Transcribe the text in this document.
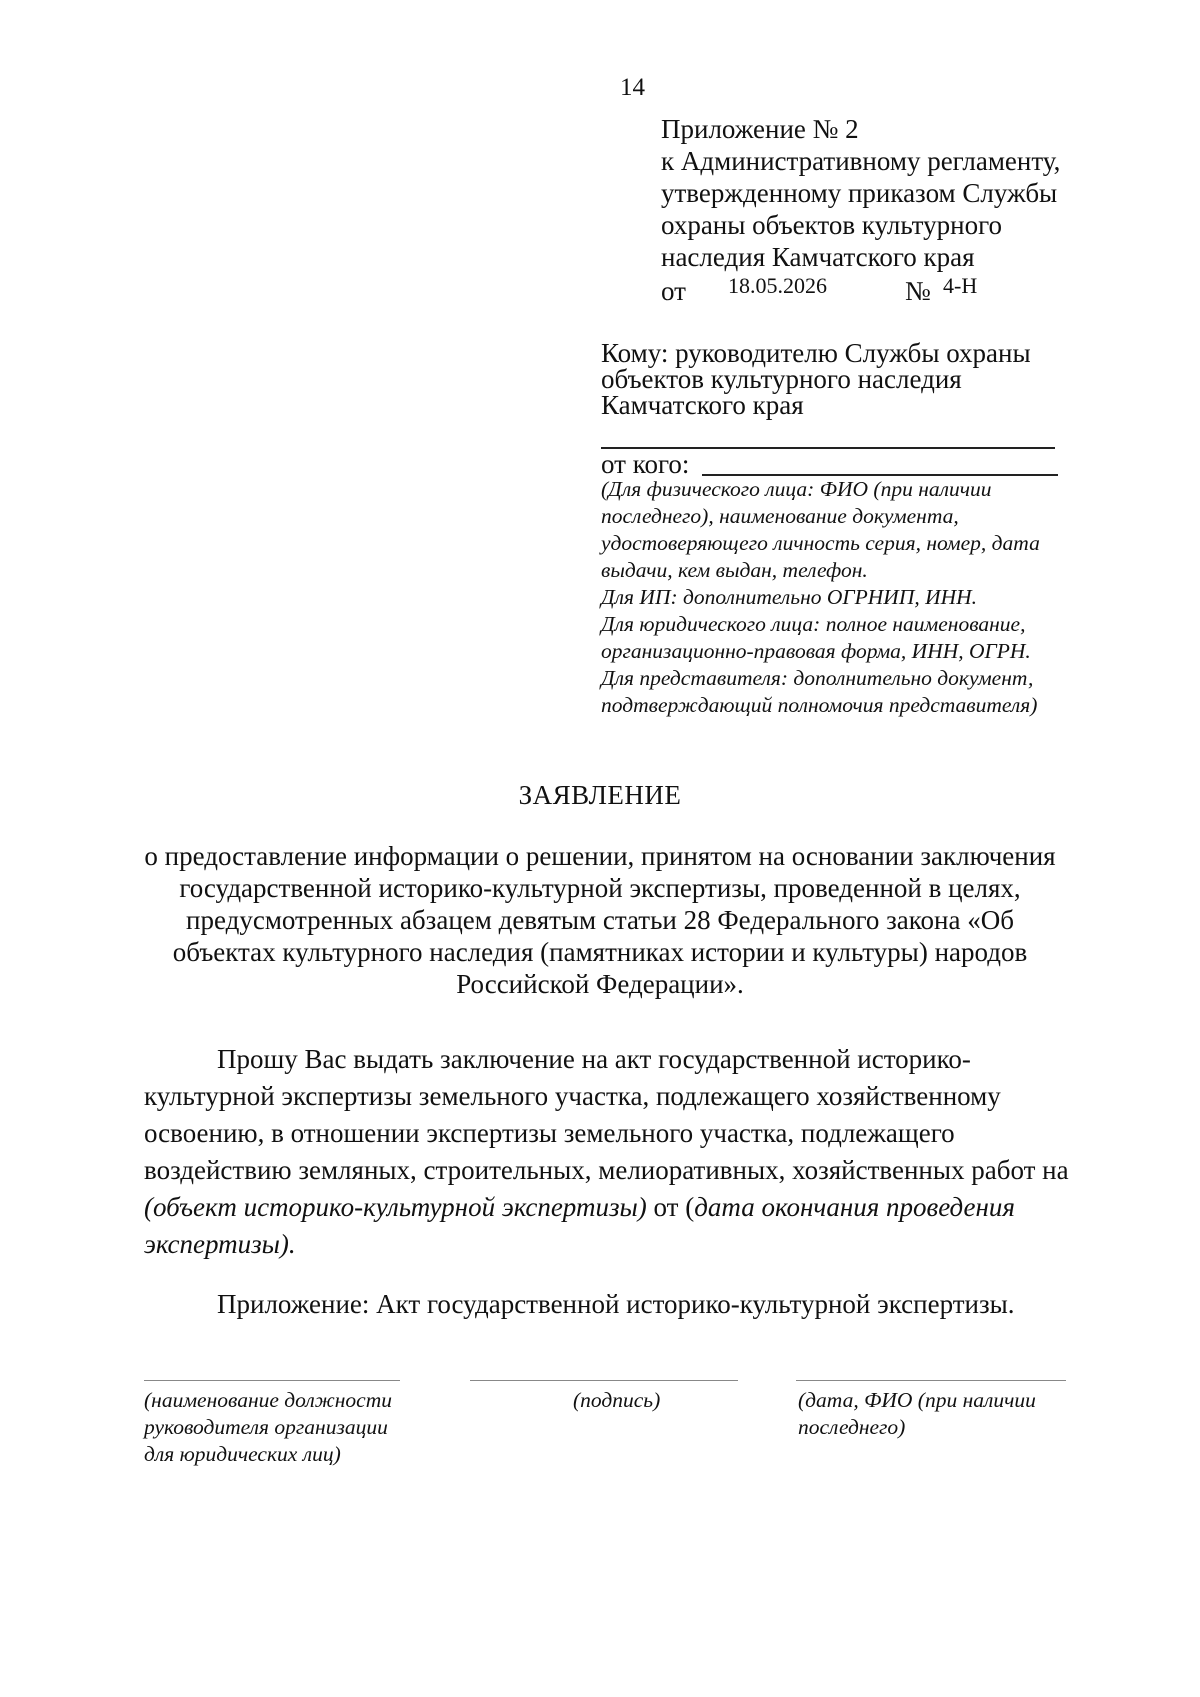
14
Приложение № 2
к Административному регламенту,
утвержденному приказом Службы
охраны объектов культурного
наследия Камчатского края
от 18.05.2026	№ 4-Н
Кому: руководителю Службы охраны
объектов культурного наследия
Камчатского края
от кого:
(Для физического лица: ФИО (при наличии
последнего), наименование документа,
удостоверяющего личность серия, номер, дата
выдачи, кем выдан, телефон.
Для ИП: дополнительно ОГРНИП, ИНН.
Для юридического лица: полное наименование,
организационно-правовая форма, ИНН, ОГРН.
Для представителя: дополнительно документ,
подтверждающий полномочия представителя)
ЗАЯВЛЕНИЕ
о предоставление информации о решении, принятом на основании заключения
государственной историко-культурной экспертизы, проведенной в целях,
предусмотренных абзацем девятым статьи 28 Федерального закона «Об
объектах культурного наследия (памятниках истории и культуры) народов
Российской Федерации».
Прошу Вас выдать заключение на акт государственной историко-
культурной экспертизы земельного участка, подлежащего хозяйственному
освоению, в отношении экспертизы земельного участка, подлежащего
воздействию земляных, строительных, мелиоративных, хозяйственных работ на
(объект историко-культурной экспертизы) от (дата окончания проведения
экспертизы).
Приложение: Акт государственной историко-культурной экспертизы.
(наименование должности
руководителя организации
для юридических лиц)
(подпись)	(дата, ФИО (при наличии
последнего)
